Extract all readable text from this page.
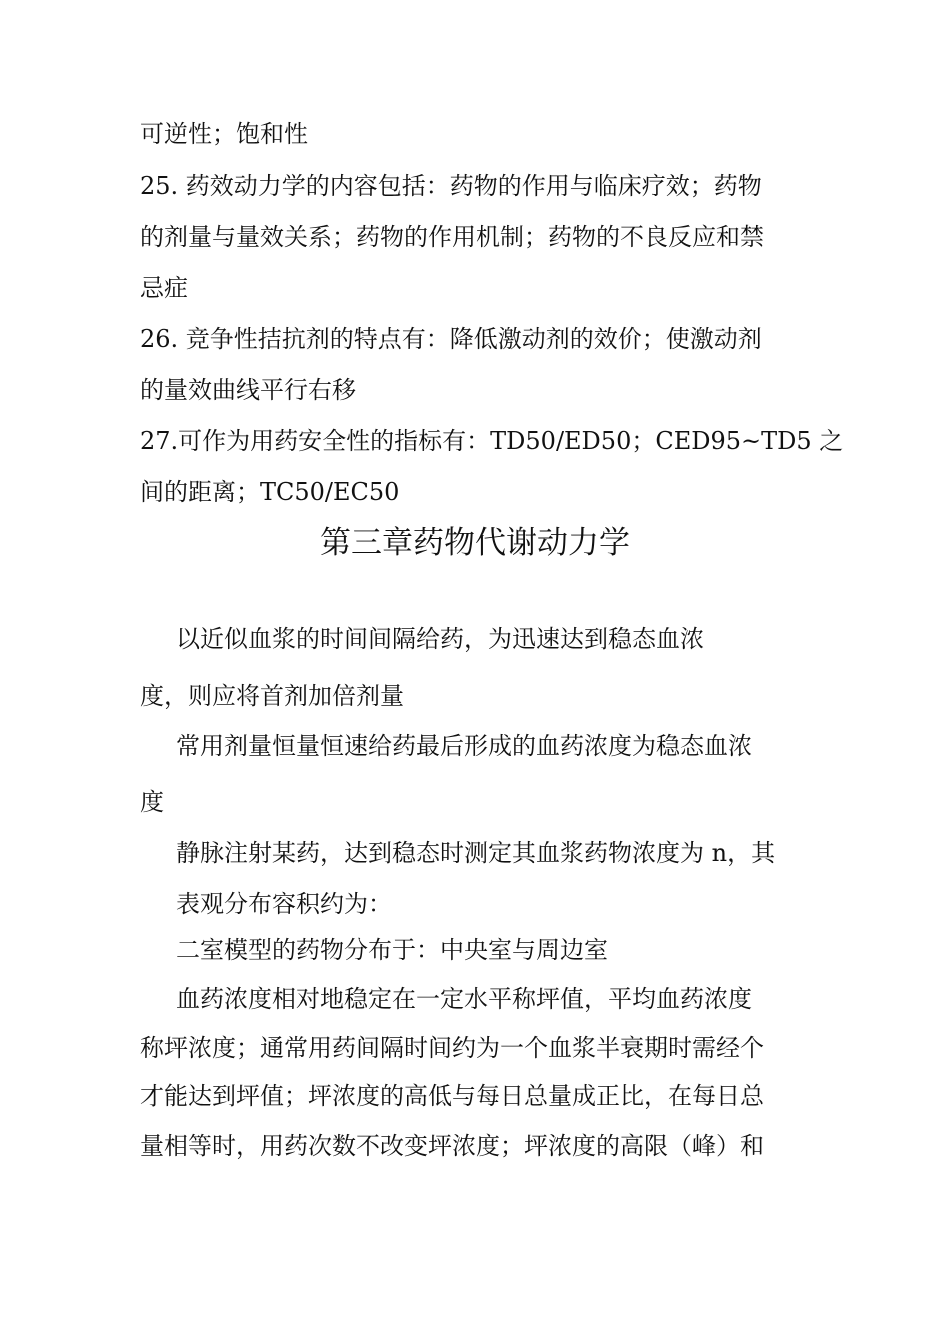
可逆性；饱和性
25. 药效动力学的内容包括：药物的作用与临床疗效；药物
的剂量与量效关系；药物的作用机制；药物的不良反应和禁
忌症
26. 竞争性拮抗剂的特点有：降低激动剂的效价；使激动剂
的量效曲线平行右移
27.可作为用药安全性的指标有：TD50/ED50；CED95~TD5 之
间的距离；TC50/EC50
第三章药物代谢动力学
以近似血浆的时间间隔给药，为迅速达到稳态血浓
度，则应将首剂加倍剂量
常用剂量恒量恒速给药最后形成的血药浓度为稳态血浓
度
静脉注射某药，达到稳态时测定其血浆药物浓度为 n，其
表观分布容积约为：
二室模型的药物分布于：中央室与周边室
血药浓度相对地稳定在一定水平称坪值，平均血药浓度
称坪浓度；通常用药间隔时间约为一个血浆半衰期时需经个
才能达到坪值；坪浓度的高低与每日总量成正比，在每日总
量相等时，用药次数不改变坪浓度；坪浓度的高限（峰）和
